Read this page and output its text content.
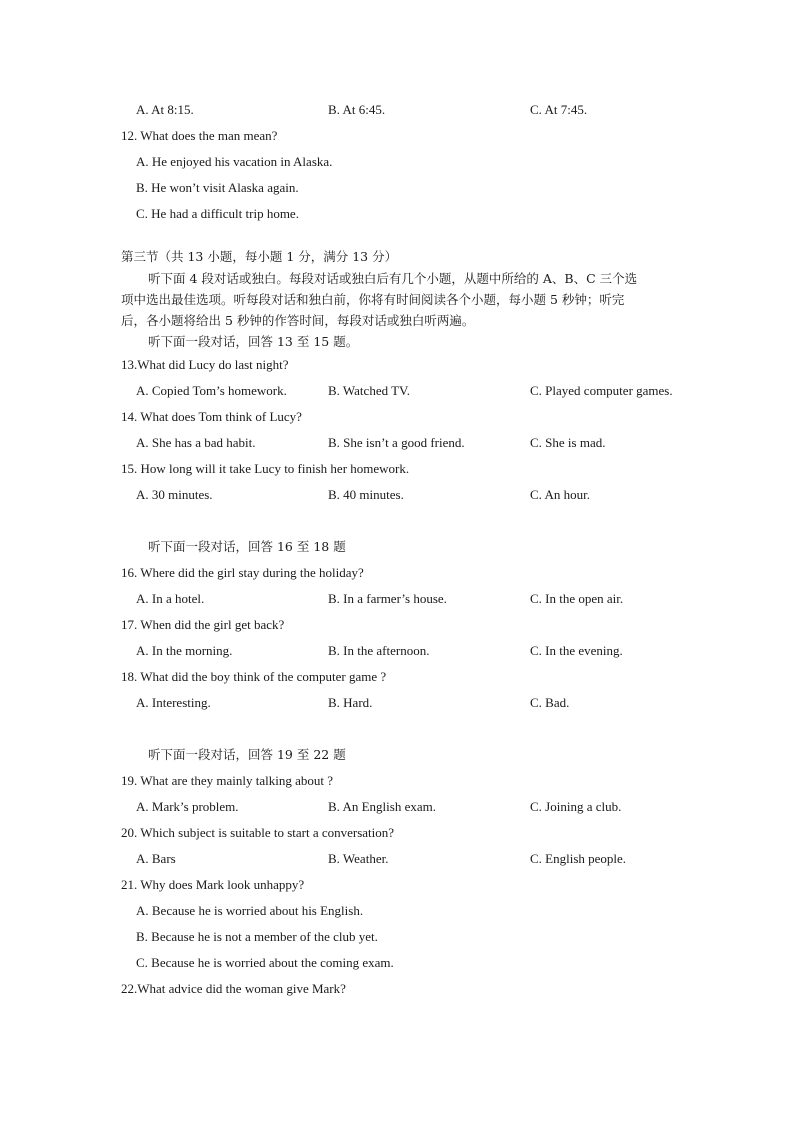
A. At 8:15.	B. At 6:45.	C. At 7:45.
12. What does the man mean?
A. He enjoyed his vacation in Alaska.
B. He won’t visit Alaska again.
C. He had a difficult trip home.
第三节（共 13 小题，每小题 1 分，满分 13 分）
听下面 4 段对话或独白。每段对话或独白后有几个小题，从题中所给的 A、B、C 三个选
项中选出最佳选项。听每段对话和独白前，你将有时间阅读各个小题，每小题 5 秒钟；听完
后，各小题将给出 5 秒钟的作答时间，每段对话或独白听两遍。
听下面一段对话，回答 13 至 15 题。
13.What did Lucy do last night?
A. Copied Tom’s homework.	B. Watched TV.	C. Played computer games.
14. What does Tom think of Lucy?
A. She has a bad habit.	B. She isn’t a good friend.	C. She is mad.
15. How long will it take Lucy to finish her homework.
A. 30 minutes.	B. 40 minutes.	C. An hour.
听下面一段对话，回答 16 至 18 题
16. Where did the girl stay during the holiday?
A. In a hotel.	B. In a farmer’s house.	C. In the open air.
17. When did the girl get back?
A. In the morning.	B. In the afternoon.	C. In the evening.
18. What did the boy think of the computer game ?
A. Interesting.	B. Hard.	C. Bad.
听下面一段对话，回答 19 至 22 题
19. What are they mainly talking about ?
A. Mark’s problem.	B. An English exam.	C. Joining a club.
20. Which subject is suitable to start a conversation?
A. Bars	B. Weather.	C. English people.
21. Why does Mark look unhappy?
A. Because he is worried about his English.
B. Because he is not a member of the club yet.
C. Because he is worried about the coming exam.
22.What advice did the woman give Mark?
